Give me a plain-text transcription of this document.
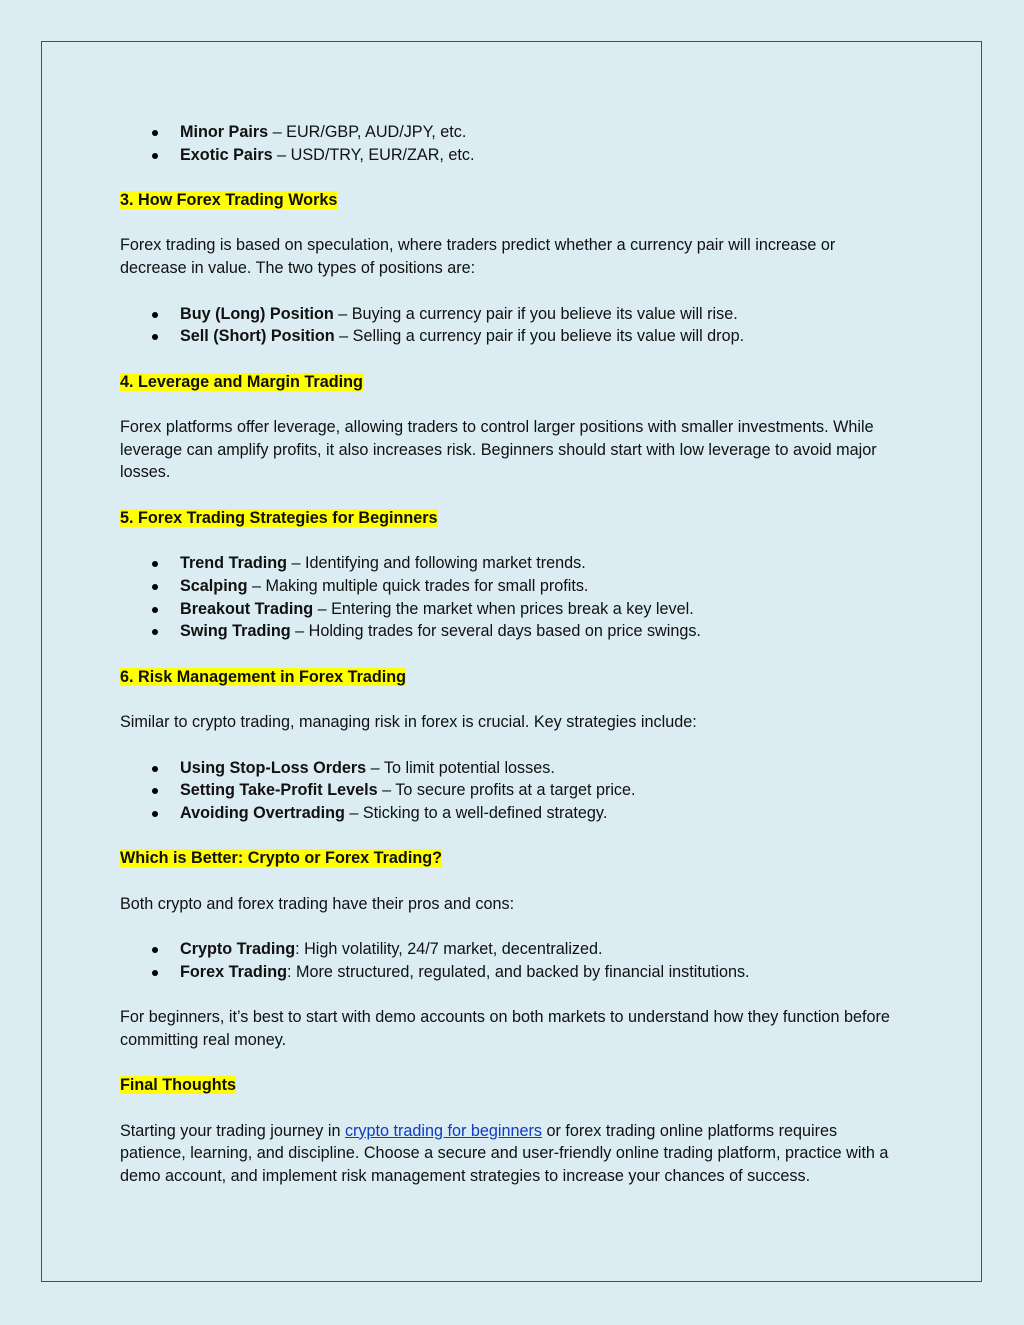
Minor Pairs – EUR/GBP, AUD/JPY, etc.
Exotic Pairs – USD/TRY, EUR/ZAR, etc.
3. How Forex Trading Works

Forex trading is based on speculation, where traders predict whether a currency pair will increase or decrease in value. The two types of positions are:

Buy (Long) Position – Buying a currency pair if you believe its value will rise.
Sell (Short) Position – Selling a currency pair if you believe its value will drop.
4. Leverage and Margin Trading

Forex platforms offer leverage, allowing traders to control larger positions with smaller investments. While leverage can amplify profits, it also increases risk. Beginners should start with low leverage to avoid major losses.

5. Forex Trading Strategies for Beginners
Trend Trading – Identifying and following market trends.
Scalping – Making multiple quick trades for small profits.
Breakout Trading – Entering the market when prices break a key level.
Swing Trading – Holding trades for several days based on price swings.
6. Risk Management in Forex Trading

Similar to crypto trading, managing risk in forex is crucial. Key strategies include:

Using Stop-Loss Orders – To limit potential losses.
Setting Take-Profit Levels – To secure profits at a target price.
Avoiding Overtrading – Sticking to a well-defined strategy.
Which is Better: Crypto or Forex Trading?

Both crypto and forex trading have their pros and cons:

Crypto Trading: High volatility, 24/7 market, decentralized.
Forex Trading: More structured, regulated, and backed by financial institutions.

For beginners, it’s best to start with demo accounts on both markets to understand how they function before committing real money.

Final Thoughts

Starting your trading journey in crypto trading for beginners or forex trading online platforms requires patience, learning, and discipline. Choose a secure and user-friendly online trading platform, practice with a demo account, and implement risk management strategies to increase your chances of success.
